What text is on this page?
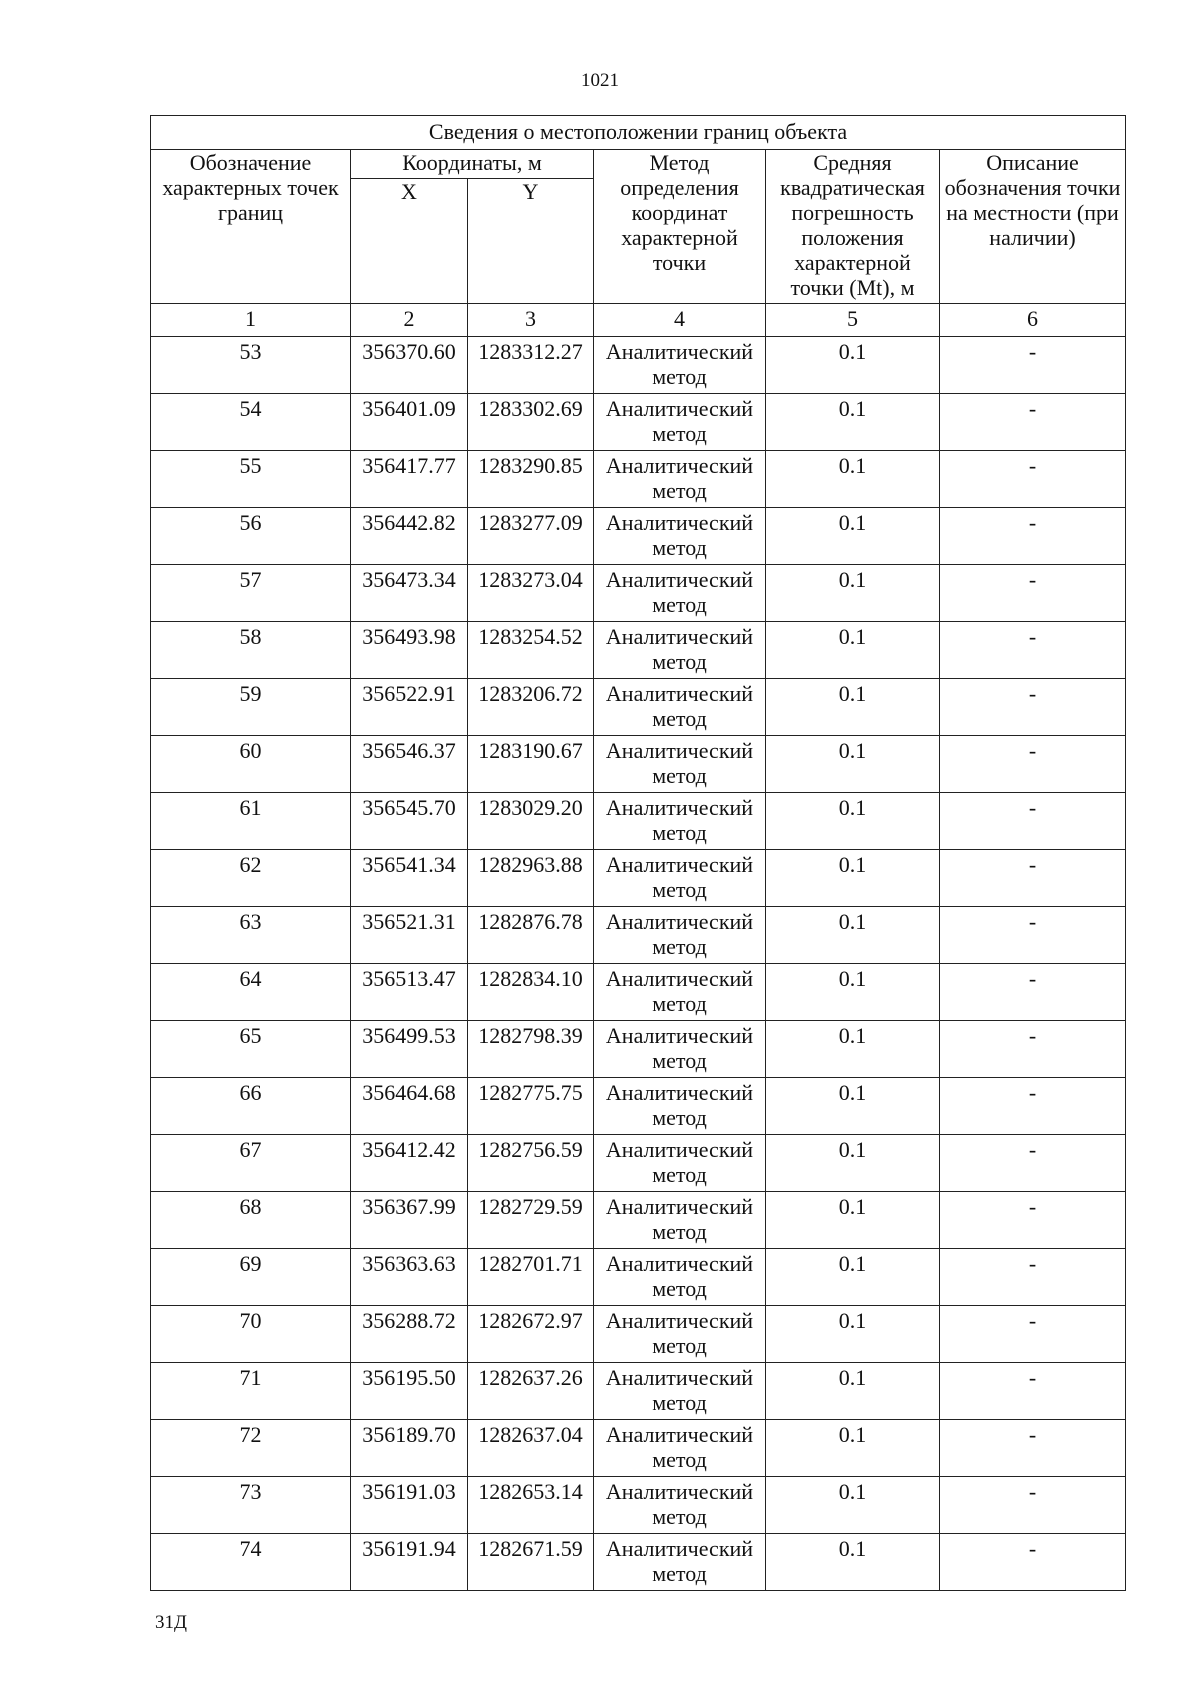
1021
Сведения о местоположении границ объекта					
Обозначение характерных точек границ	Координаты, м		Метод определения координат характерной точки	Средняя квадратическая погрешность положения характерной точки (Mt), м	Описание обозначения точки на местности (при наличии)
	X	Y			
1	2	3	4	5	6
53	356370.60	1283312.27	Аналитический метод	0.1	-
54	356401.09	1283302.69	Аналитический метод	0.1	-
55	356417.77	1283290.85	Аналитический метод	0.1	-
56	356442.82	1283277.09	Аналитический метод	0.1	-
57	356473.34	1283273.04	Аналитический метод	0.1	-
58	356493.98	1283254.52	Аналитический метод	0.1	-
59	356522.91	1283206.72	Аналитический метод	0.1	-
60	356546.37	1283190.67	Аналитический метод	0.1	-
61	356545.70	1283029.20	Аналитический метод	0.1	-
62	356541.34	1282963.88	Аналитический метод	0.1	-
63	356521.31	1282876.78	Аналитический метод	0.1	-
64	356513.47	1282834.10	Аналитический метод	0.1	-
65	356499.53	1282798.39	Аналитический метод	0.1	-
66	356464.68	1282775.75	Аналитический метод	0.1	-
67	356412.42	1282756.59	Аналитический метод	0.1	-
68	356367.99	1282729.59	Аналитический метод	0.1	-
69	356363.63	1282701.71	Аналитический метод	0.1	-
70	356288.72	1282672.97	Аналитический метод	0.1	-
71	356195.50	1282637.26	Аналитический метод	0.1	-
72	356189.70	1282637.04	Аналитический метод	0.1	-
73	356191.03	1282653.14	Аналитический метод	0.1	-
74	356191.94	1282671.59	Аналитический метод	0.1	-
31Д
